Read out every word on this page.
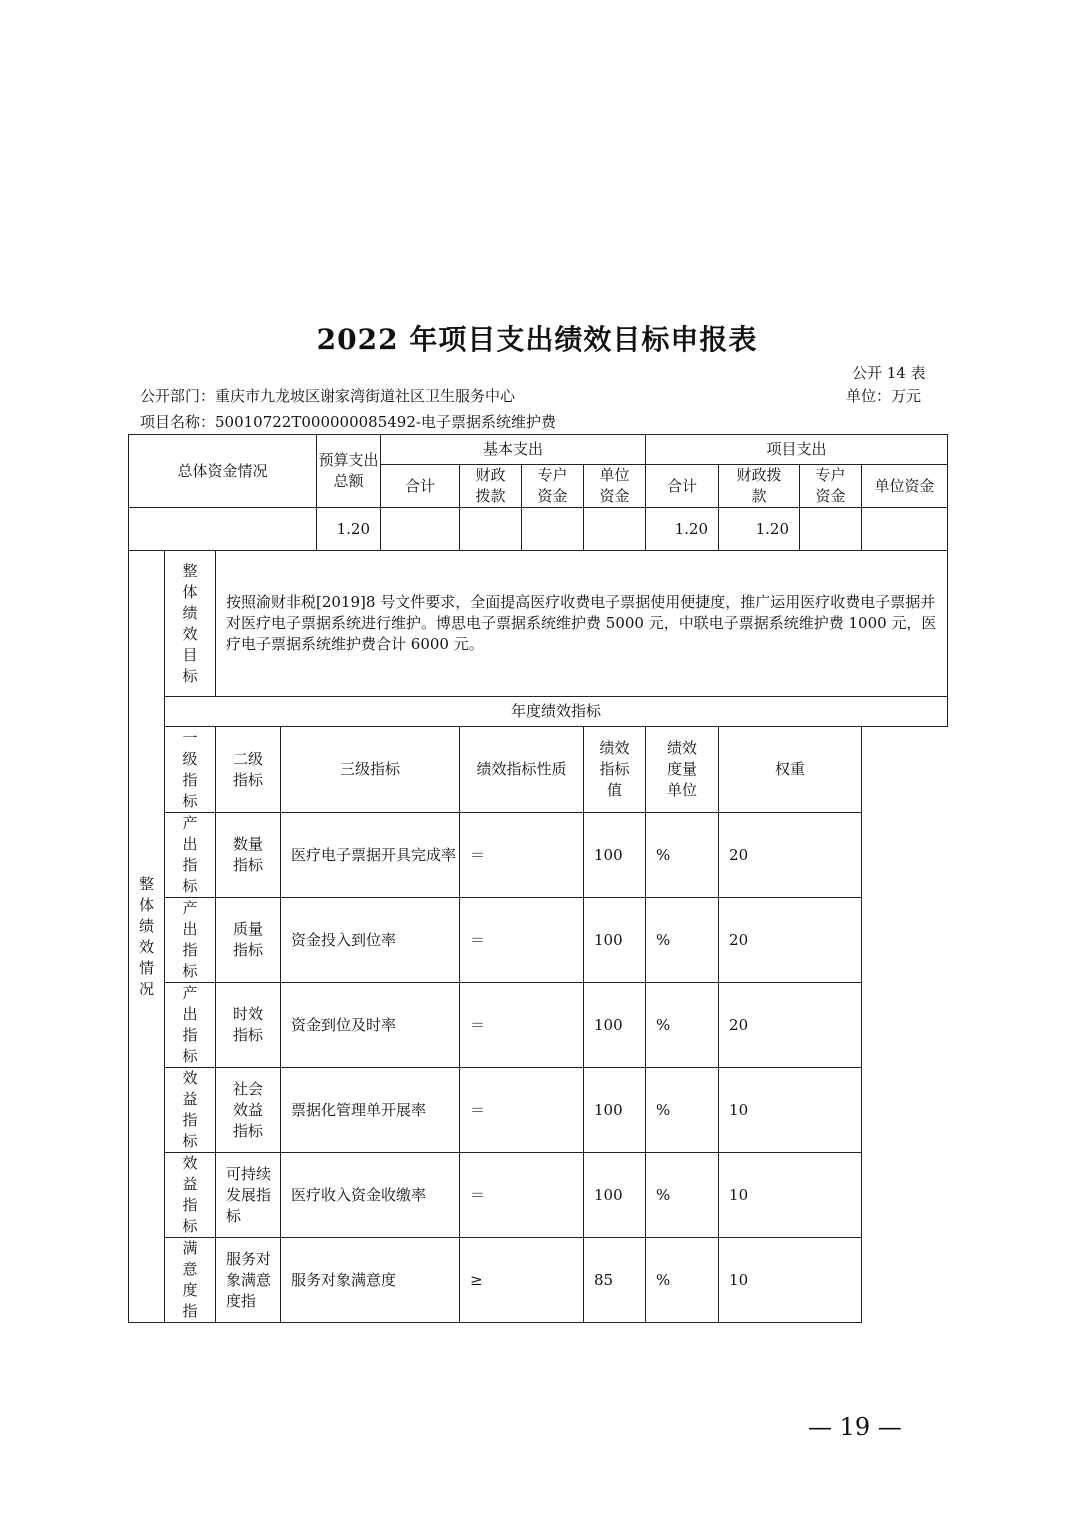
2022 年项目支出绩效目标申报表
公开 14 表
公开部门：重庆市九龙坡区谢家湾街道社区卫生服务中心	单位：万元
项目名称：50010722T000000085492-电子票据系统维护费
总体资金情况				预算支出总额	基本支出				项目支出			
					合计	财政拨款	专户资金	单位资金	合计	财政拨款	专户资金	单位资金
				1.20					1.20	1.20		
整体绩效情况	整体绩效目标	按照渝财非税[2019]8 号文件要求，全面提高医疗收费电子票据使用便捷度，推广运用医疗收费电子票据并对医疗电子票据系统进行维护。博思电子票据系统维护费 5000 元，中联电子票据系统维护费 1000 元，医疗电子票据系统维护费合计 6000 元。										
	年度绩效指标											
	一级指标	二级指标	三级指标			绩效指标性质		绩效指标值	绩效度量单位	权重		
	产出指标	数量指标	医疗电子票据开具完成率			＝		100	%	20		
	产出指标	质量指标	资金投入到位率			＝		100	%	20		
	产出指标	时效指标	资金到位及时率			＝		100	%	20		
	效益指标	社会效益指标	票据化管理单开展率			＝		100	%	10		
	效益指标	可持续发展指标	医疗收入资金收缴率			＝		100	%	10		
	满意度指	服务对象满意度指	服务对象满意度			≥		85	%	10		
— 19 —
